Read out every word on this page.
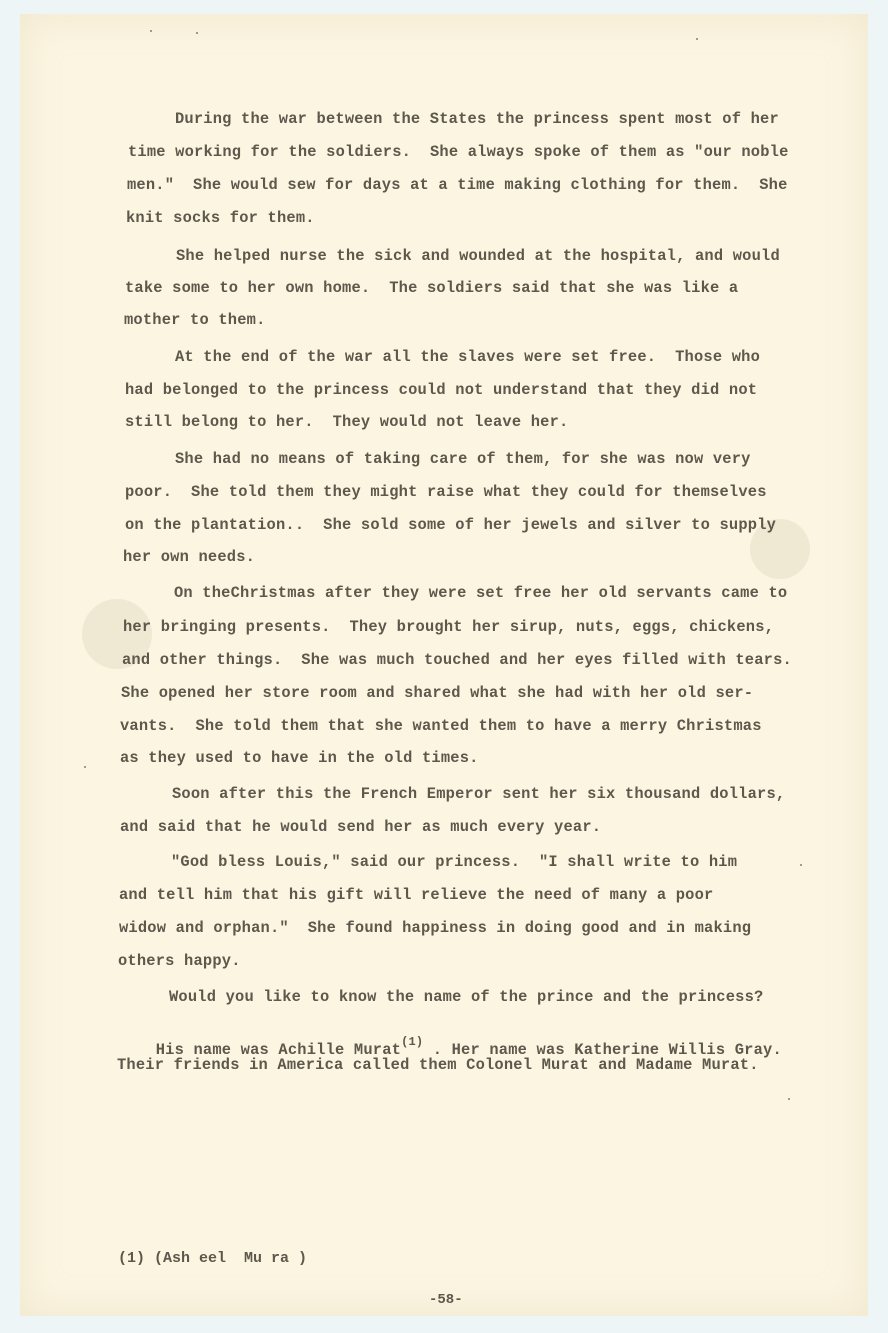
During the war between the States the princess spent most of her
time working for the soldiers.  She always spoke of them as "our noble
men."  She would sew for days at a time making clothing for them.  She
knit socks for them.
She helped nurse the sick and wounded at the hospital, and would
take some to her own home.  The soldiers said that she was like a
mother to them.
At the end of the war all the slaves were set free.  Those who
had belonged to the princess could not understand that they did not
still belong to her.  They would not leave her.
She had no means of taking care of them, for she was now very
poor.  She told them they might raise what they could for themselves
on the plantation..  She sold some of her jewels and silver to supply
her own needs.
On theChristmas after they were set free her old servants came to
her bringing presents.  They brought her sirup, nuts, eggs, chickens,
and other things.  She was much touched and her eyes filled with tears.
She opened her store room and shared what she had with her old ser-
vants.  She told them that she wanted them to have a merry Christmas
as they used to have in the old times.
Soon after this the French Emperor sent her six thousand dollars,
and said that he would send her as much every year.
"God bless Louis," said our princess.  "I shall write to him
and tell him that his gift will relieve the need of many a poor
widow and orphan."  She found happiness in doing good and in making
others happy.
Would you like to know the name of the prince and the princess?

His name was Achille Murat$^{(1)}$ . Her name was Katherine Willis Gray.

Their friends in America called them Colonel Murat and Madame Murat.
(1) (Ash eel  Mu ra )
-58-
